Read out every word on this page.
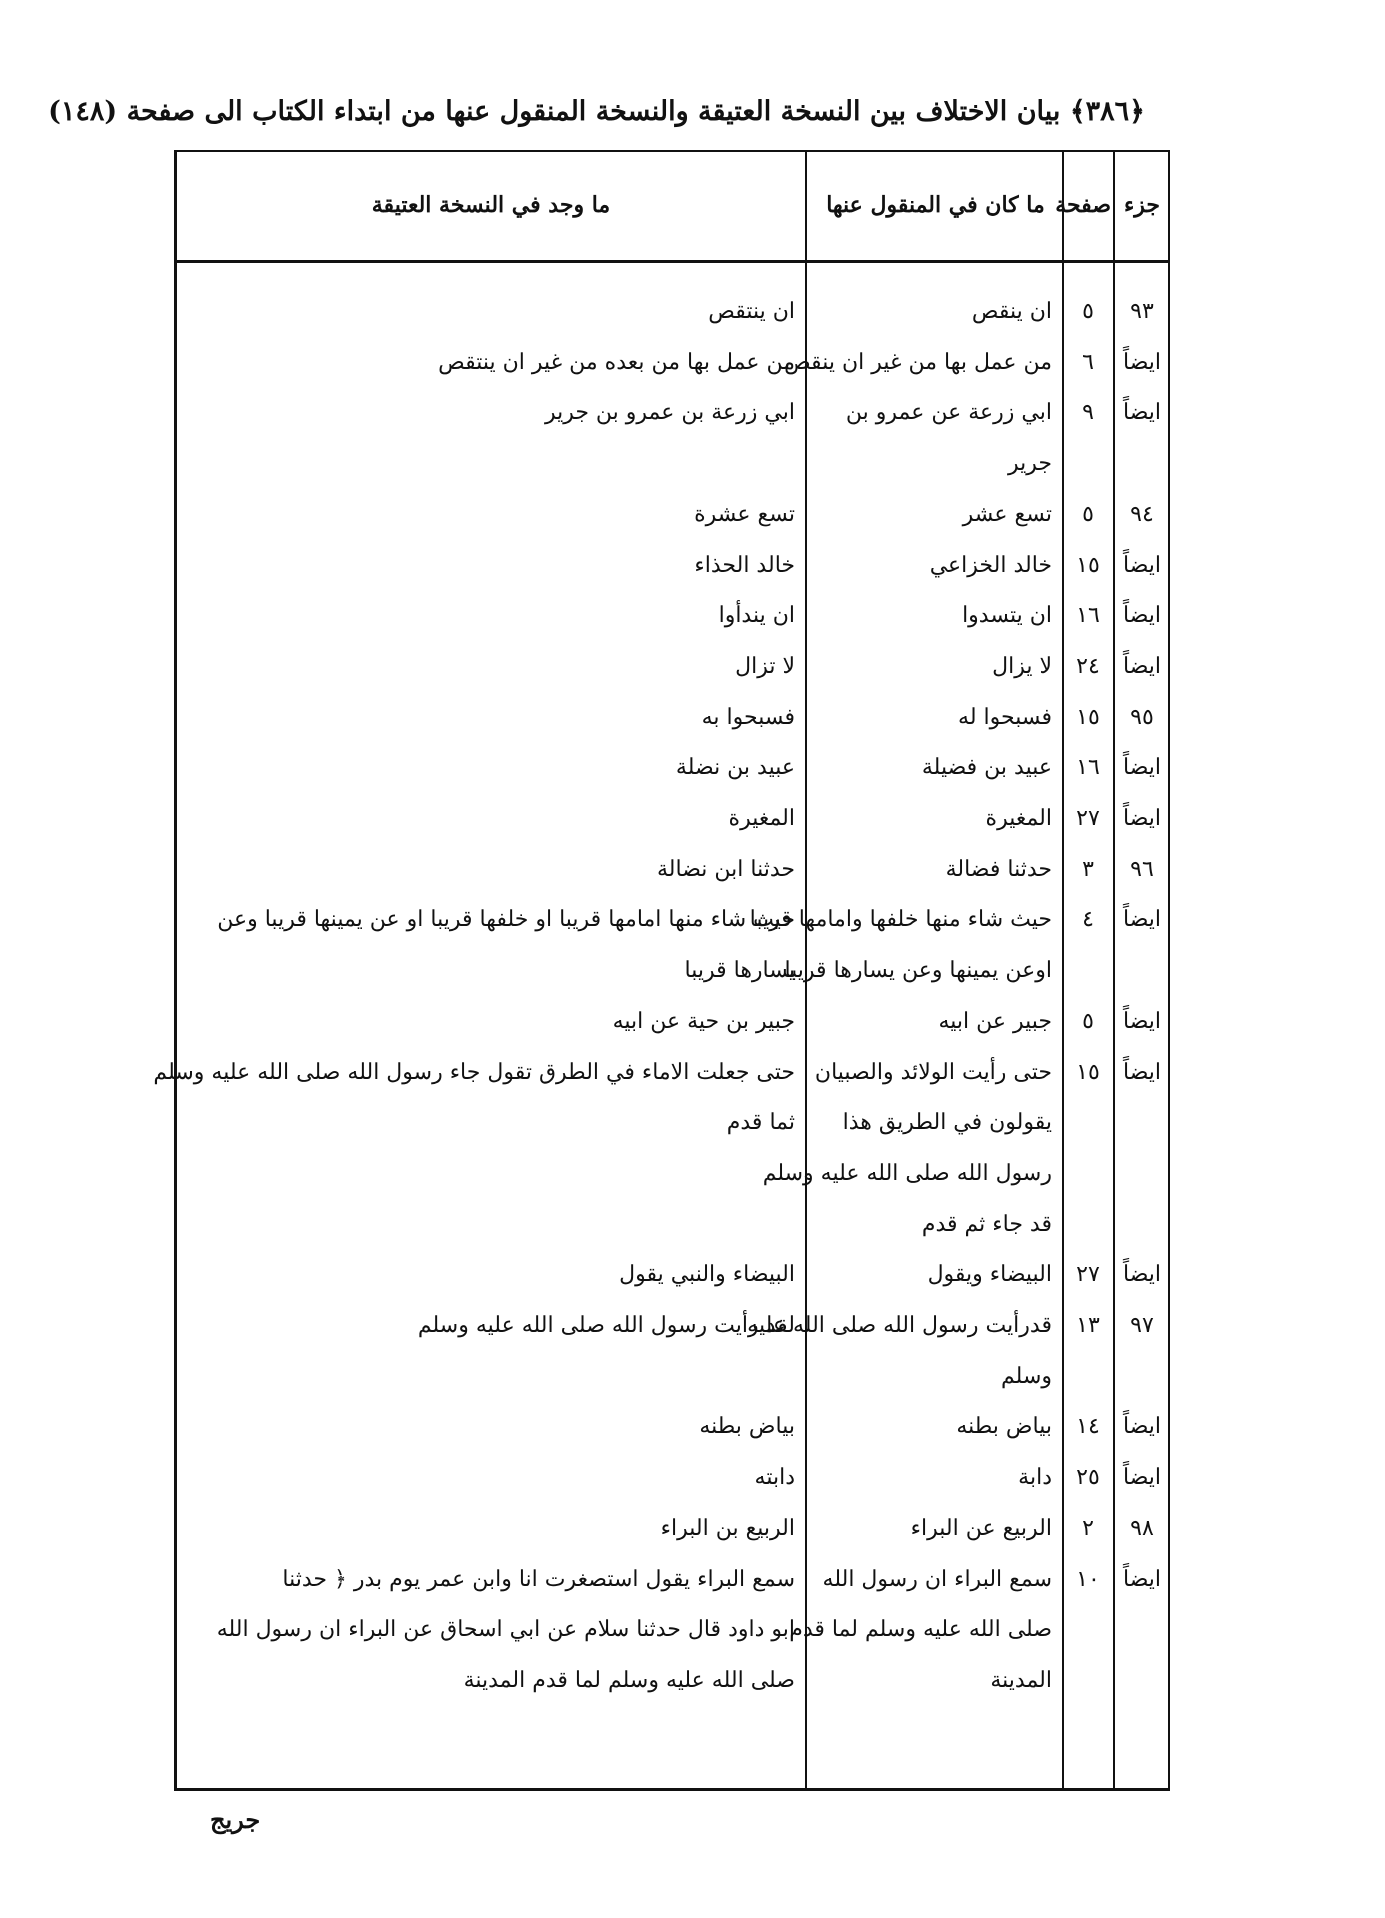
﴿٣٨٦﴾ بيان الاختلاف بين النسخة العتيقة والنسخة المنقول عنها من ابتداء الكتاب الى صفحة (١٤٨)
جزء
صفحة
ما كان في المنقول عنها
ما وجد في النسخة العتيقة
٩٣
٥
ان ينقص
ان ينتقص
ايضاً
٦
من عمل بها من غير ان ينقص
من عمل بها من بعده من غير ان ينتقص
ايضاً
٩
ابي زرعة عن عمرو بن
ابي زرعة بن عمرو بن جرير
جرير
٩٤
٥
تسع عشر
تسع عشرة
ايضاً
١٥
خالد الخزاعي
خالد الحذاء
ايضاً
١٦
ان يتسدوا
ان يندأوا
ايضاً
٢٤
لا يزال
لا تزال
٩٥
١٥
فسبحوا له
فسبحوا به
ايضاً
١٦
عبيد بن فضيلة
عبيد بن نضلة
ايضاً
٢٧
المغيرة
المغيرة
٩٦
٣
حدثنا فضالة
حدثنا ابن نضالة
ايضاً
٤
حيث شاء منها خلفها وامامها قريبا
حيث شاء منها امامها قريبا او خلفها قريبا او عن يمينها قريبا وعن
اوعن يمينها وعن يسارها قريبا
يسارها قريبا
ايضاً
٥
جبير عن ابيه
جبير بن حية عن ابيه
ايضاً
١٥
حتى رأيت الولائد والصبيان
حتى جعلت الاماء في الطرق تقول جاء رسول الله صلى الله عليه وسلم
يقولون في الطريق هذا
ثما قدم
رسول الله صلى الله عليه وسلم
قد جاء ثم قدم
ايضاً
٢٧
البيضاء ويقول
البيضاء والنبي يقول
٩٧
١٣
قدرأيت رسول الله صلى الله عليه
لقد رأيت رسول الله صلى الله عليه وسلم
وسلم
ايضاً
١٤
بياض بطنه
بياض بطنه
ايضاً
٢٥
دابة
دابته
٩٨
٢
الربيع عن البراء
الربيع بن البراء
ايضاً
١٠
سمع البراء ان رسول الله
سمع البراء يقول استصغرت انا وابن عمر يوم بدر ﴿ حدثنا
صلى الله عليه وسلم لما قدم
ابو داود قال حدثنا سلام عن ابي اسحاق عن البراء ان رسول الله
المدينة
صلى الله عليه وسلم لما قدم المدينة
جريج
